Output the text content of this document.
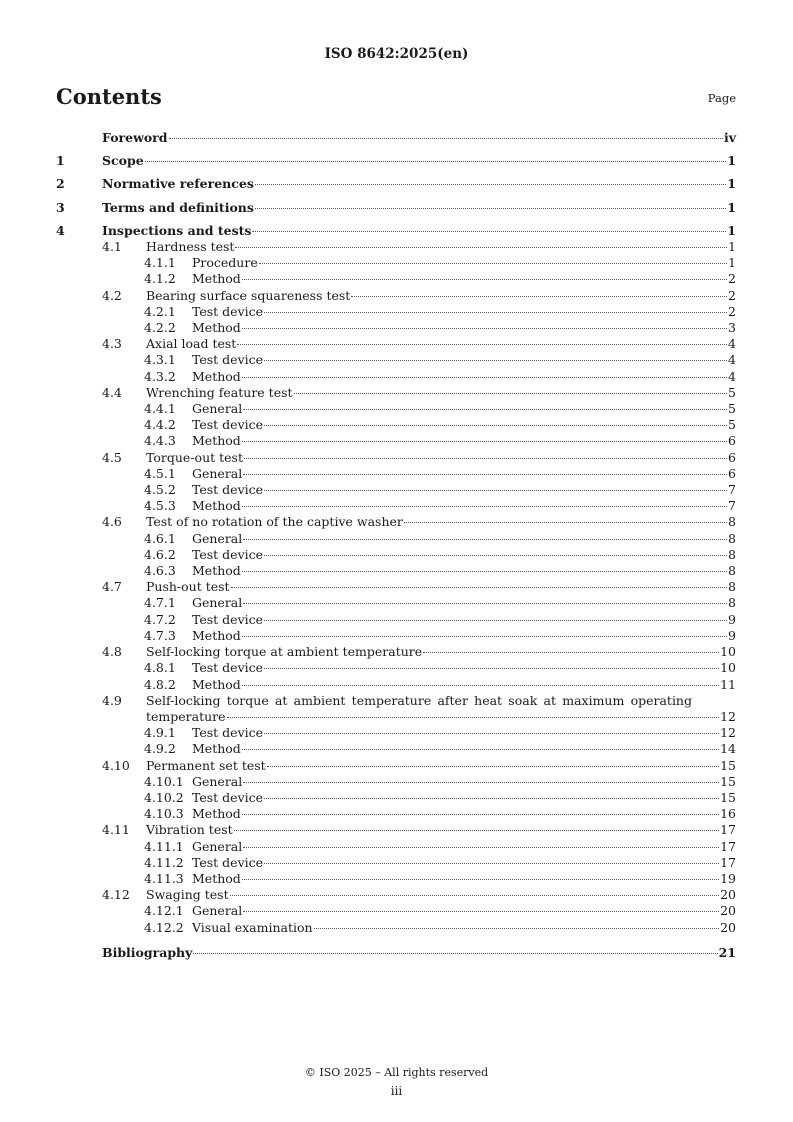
ISO 8642:2025(en)
Contents	Page
Foreword	iv
1	Scope	1
2	Normative references	1
3	Terms and definitions	1
4	Inspections and tests	1
4.1	Hardness test	1
4.1.1	Procedure	1
4.1.2	Method	2
4.2	Bearing surface squareness test	2
4.2.1	Test device	2
4.2.2	Method	3
4.3	Axial load test	4
4.3.1	Test device	4
4.3.2	Method	4
4.4	Wrenching feature test	5
4.4.1	General	5
4.4.2	Test device	5
4.4.3	Method	6
4.5	Torque-out test	6
4.5.1	General	6
4.5.2	Test device	7
4.5.3	Method	7
4.6	Test of no rotation of the captive washer	8
4.6.1	General	8
4.6.2	Test device	8
4.6.3	Method	8
4.7	Push-out test	8
4.7.1	General	8
4.7.2	Test device	9
4.7.3	Method	9
4.8	Self-locking torque at ambient temperature	10
4.8.1	Test device	10
4.8.2	Method	11
4.9	Self-locking torque at ambient temperature after heat soak at maximum operating
temperature	12
4.9.1	Test device	12
4.9.2	Method	14
4.10	Permanent set test	15
4.10.1 General	15
4.10.2 Test device	15
4.10.3 Method	16
4.11	Vibration test	17
4.11.1 General	17
4.11.2 Test device	17
4.11.3 Method	19
4.12	Swaging test	20
4.12.1 General	20
4.12.2 Visual examination	20
Bibliography	21
© ISO 2025 – All rights reserved
iii
